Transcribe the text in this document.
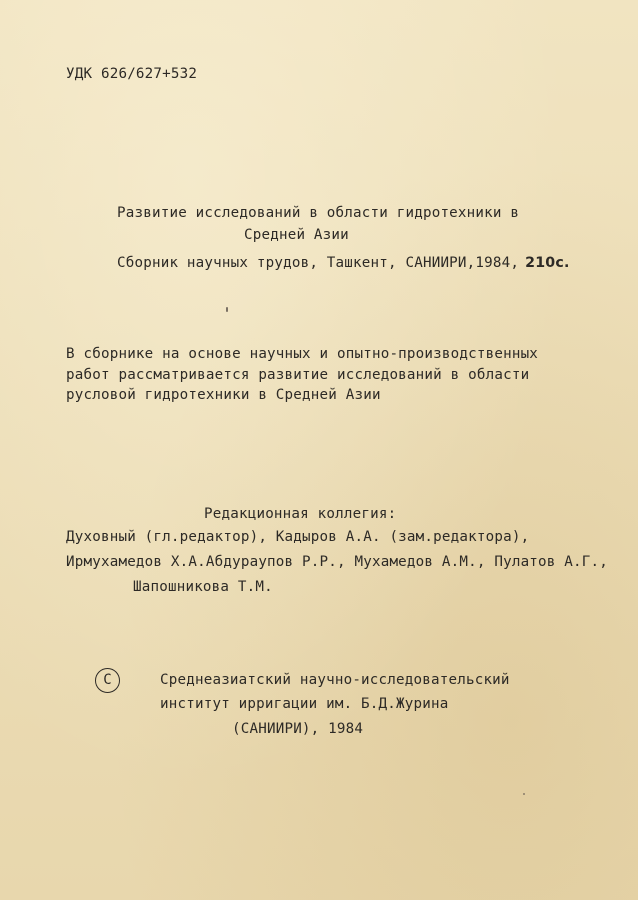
УДК 626/627+532
Развитие исследований в области гидротехники в
Средней Азии
Сборник научных трудов, Ташкент, САНИИРИ,1984, 210с.
В сборнике на основе научных и опытно-производственных
работ рассматривается развитие исследований в области
русловой гидротехники в Средней Азии
Редакционная коллегия:
Духовный (гл.редактор), Кадыров А.А. (зам.редактора),
Ирмухамедов Х.А.Абдураупов Р.Р., Мухамедов А.М., Пулатов А.Г.,
Шапошникова Т.М.
C	Среднеазиатский научно-исследовательский
институт ирригации им. Б.Д.Журина
(САНИИРИ), 1984
